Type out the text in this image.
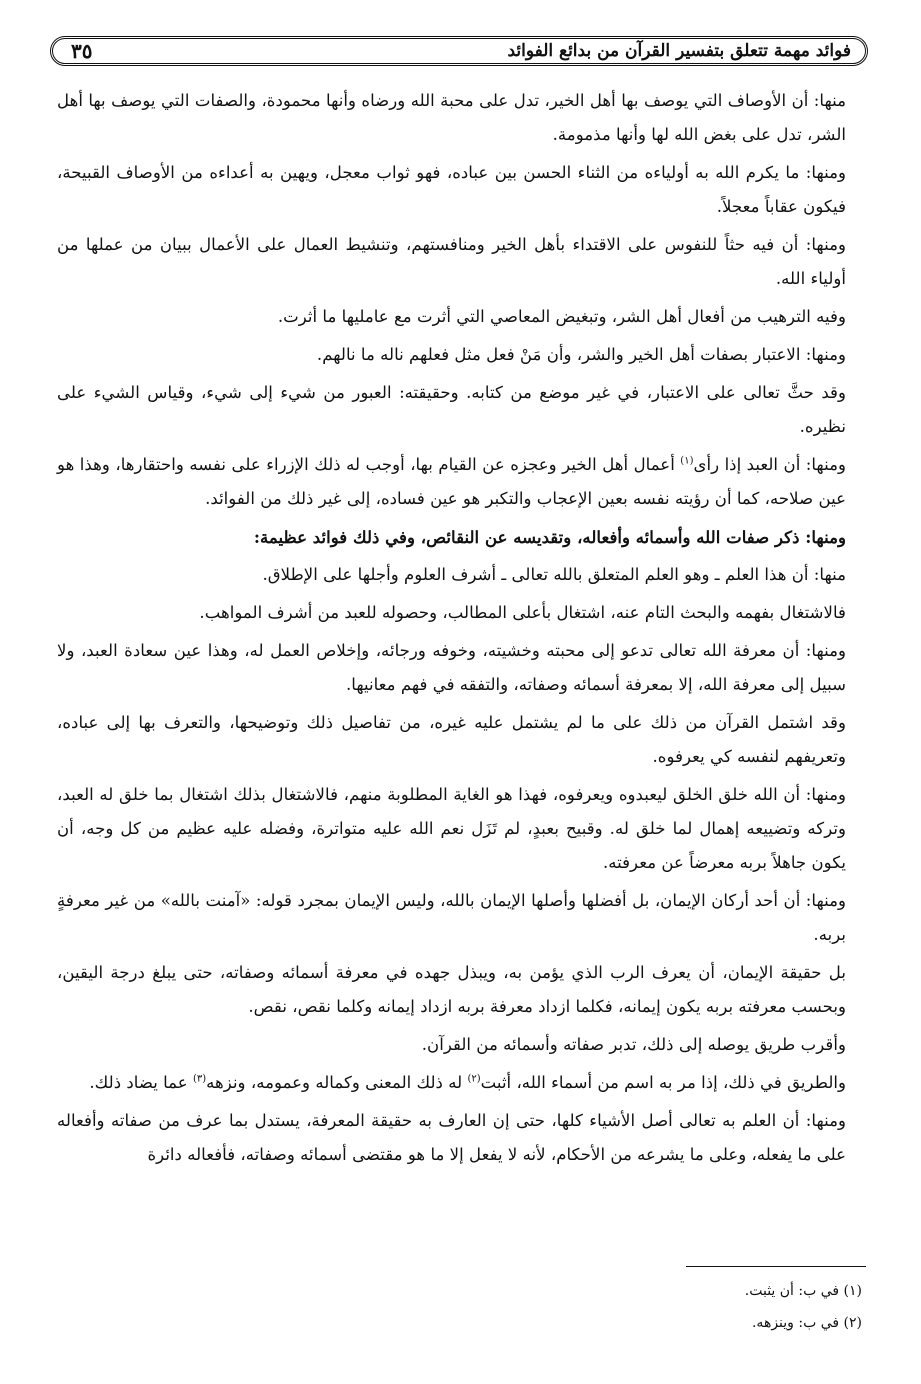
فوائد مهمة تتعلق بتفسير القرآن من بدائع الفوائد
٣٥

منها: أن الأوصاف التي يوصف بها أهل الخير، تدل على محبة الله ورضاه وأنها محمودة، والصفات التي يوصف بها أهل الشر، تدل على بغض الله لها وأنها مذمومة.

ومنها: ما يكرم الله به أولياءه من الثناء الحسن بين عباده، فهو ثواب معجل، ويهين به أعداءه من الأوصاف القبيحة، فيكون عقاباً معجلاً.

ومنها: أن فيه حثاً للنفوس على الاقتداء بأهل الخير ومنافستهم، وتنشيط العمال على الأعمال ببيان من عملها من أولياء الله.

وفيه الترهيب من أفعال أهل الشر، وتبغيض المعاصي التي أثرت مع عامليها ما أثرت.

ومنها: الاعتبار بصفات أهل الخير والشر، وأن مَنْ فعل مثل فعلهم ناله ما نالهم.

وقد حثَّ تعالى على الاعتبار، في غير موضع من كتابه. وحقيقته: العبور من شيء إلى شيء، وقياس الشيء على نظيره.

ومنها: أن العبد إذا رأى$^{(١)}$ أعمال أهل الخير وعجزه عن القيام بها، أوجب له ذلك الإزراء على نفسه واحتقارها، وهذا هو عين صلاحه، كما أن رؤيته نفسه بعين الإعجاب والتكبر هو عين فساده، إلى غير ذلك من الفوائد.

ومنها: ذكر صفات الله وأسمائه وأفعاله، وتقديسه عن النقائص، وفي ذلك فوائد عظيمة:

منها: أن هذا العلم ـ وهو العلم المتعلق بالله تعالى ـ أشرف العلوم وأجلها على الإطلاق.

فالاشتغال بفهمه والبحث التام عنه، اشتغال بأعلى المطالب، وحصوله للعبد من أشرف المواهب.

ومنها: أن معرفة الله تعالى تدعو إلى محبته وخشيته، وخوفه ورجائه، وإخلاص العمل له، وهذا عين سعادة العبد، ولا سبيل إلى معرفة الله، إلا بمعرفة أسمائه وصفاته، والتفقه في فهم معانيها.

وقد اشتمل القرآن من ذلك على ما لم يشتمل عليه غيره، من تفاصيل ذلك وتوضيحها، والتعرف بها إلى عباده، وتعريفهم لنفسه كي يعرفوه.

ومنها: أن الله خلق الخلق ليعبدوه ويعرفوه، فهذا هو الغاية المطلوبة منهم، فالاشتغال بذلك اشتغال بما خلق له العبد، وتركه وتضييعه إهمال لما خلق له. وقبيح بعبدٍ، لم تَزَل نعم الله عليه متواترة، وفضله عليه عظيم من كل وجه، أن يكون جاهلاً بربه معرضاً عن معرفته.

ومنها: أن أحد أركان الإيمان، بل أفضلها وأصلها الإيمان بالله، وليس الإيمان بمجرد قوله: «آمنت بالله» من غير معرفةٍ بربه.

بل حقيقة الإيمان، أن يعرف الرب الذي يؤمن به، ويبذل جهده في معرفة أسمائه وصفاته، حتى يبلغ درجة اليقين، وبحسب معرفته بربه يكون إيمانه، فكلما ازداد معرفة بربه ازداد إيمانه وكلما نقص، نقص.

وأقرب طريق يوصله إلى ذلك، تدبر صفاته وأسمائه من القرآن.

والطريق في ذلك، إذا مر به اسم من أسماء الله، أثبت$^{(٢)}$ له ذلك المعنى وكماله وعمومه، ونزهه$^{(٣)}$ عما يضاد ذلك.

ومنها: أن العلم به تعالى أصل الأشياء كلها، حتى إن العارف به حقيقة المعرفة، يستدل بما عرف من صفاته وأفعاله على ما يفعله، وعلى ما يشرعه من الأحكام، لأنه لا يفعل إلا ما هو مقتضى أسمائه وصفاته، فأفعاله دائرة

(١) في ب: أن يثبت.
(٢) في ب: وينزهه.
